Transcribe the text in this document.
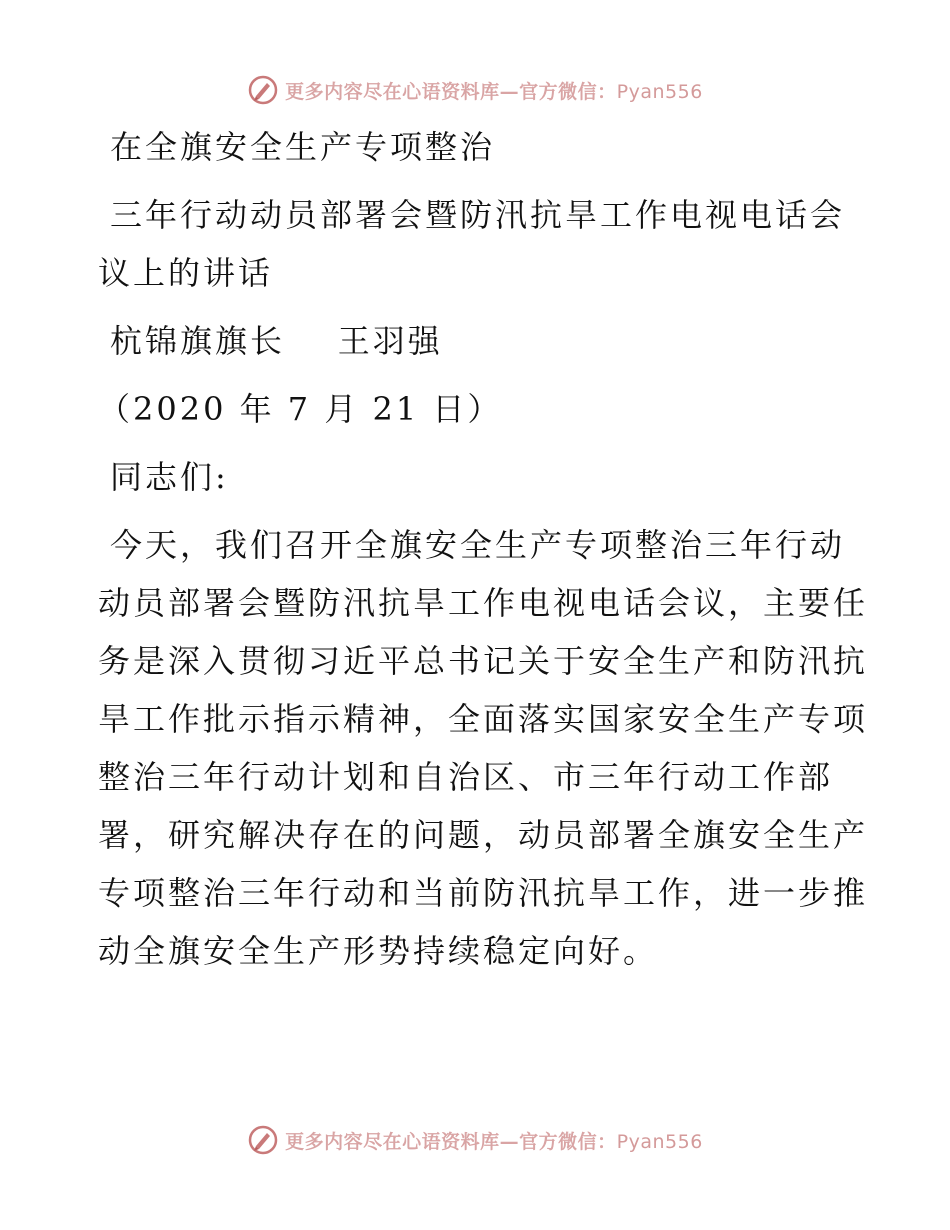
更多内容尽在心语资料库—官方微信：Pyan556
在全旗安全生产专项整治
三年行动动员部署会暨防汛抗旱工作电视电话会
议上的讲话
杭锦旗旗长    王羽强
（2020 年 7 月 21 日）
同志们:
今天，我们召开全旗安全生产专项整治三年行动
动员部署会暨防汛抗旱工作电视电话会议，主要任
务是深入贯彻习近平总书记关于安全生产和防汛抗
旱工作批示指示精神，全面落实国家安全生产专项
整治三年行动计划和自治区、市三年行动工作部
署，研究解决存在的问题，动员部署全旗安全生产
专项整治三年行动和当前防汛抗旱工作，进一步推
动全旗安全生产形势持续稳定向好。
更多内容尽在心语资料库—官方微信：Pyan556
